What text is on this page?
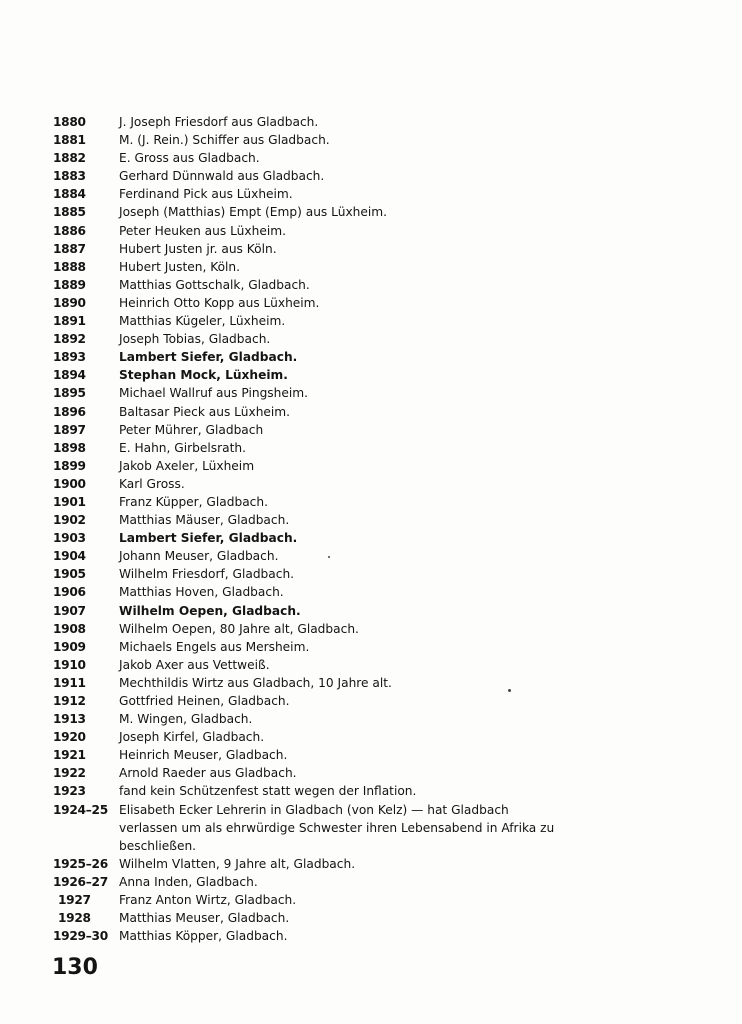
1880	J. Joseph Friesdorf aus Gladbach.
1881	M. (J. Rein.) Schiffer aus Gladbach.
1882	E. Gross aus Gladbach.
1883	Gerhard Dünnwald aus Gladbach.
1884	Ferdinand Pick aus Lüxheim.
1885	Joseph (Matthias) Empt (Emp) aus Lüxheim.
1886	Peter Heuken aus Lüxheim.
1887	Hubert Justen jr. aus Köln.
1888	Hubert Justen, Köln.
1889	Matthias Gottschalk, Gladbach.
1890	Heinrich Otto Kopp aus Lüxheim.
1891	Matthias Kügeler, Lüxheim.
1892	Joseph Tobias, Gladbach.
1893	Lambert Siefer, Gladbach.
1894	Stephan Mock, Lüxheim.
1895	Michael Wallruf aus Pingsheim.
1896	Baltasar Pieck aus Lüxheim.
1897	Peter Mührer, Gladbach
1898	E. Hahn, Girbelsrath.
1899	Jakob Axeler, Lüxheim
1900	Karl Gross.
1901	Franz Küpper, Gladbach.
1902	Matthias Mäuser, Gladbach.
1903	Lambert Siefer, Gladbach.
1904	Johann Meuser, Gladbach.
1905	Wilhelm Friesdorf, Gladbach.
1906	Matthias Hoven, Gladbach.
1907	Wilhelm Oepen, Gladbach.
1908	Wilhelm Oepen, 80 Jahre alt, Gladbach.
1909	Michaels Engels aus Mersheim.
1910	Jakob Axer aus Vettweiß.
1911	Mechthildis Wirtz aus Gladbach, 10 Jahre alt.
1912	Gottfried Heinen, Gladbach.
1913	M. Wingen, Gladbach.
1920	Joseph Kirfel, Gladbach.
1921	Heinrich Meuser, Gladbach.
1922	Arnold Raeder aus Gladbach.
1923	fand kein Schützenfest statt wegen der Inflation.
1924–25 Elisabeth Ecker Lehrerin in Gladbach (von Kelz) — hat Gladbach verlassen um als ehrwürdige Schwester ihren Lebensabend in Afrika zu beschließen.
1925–26 Wilhelm Vlatten, 9 Jahre alt, Gladbach.
1926–27 Anna Inden, Gladbach.
1927	Franz Anton Wirtz, Gladbach.
1928	Matthias Meuser, Gladbach.
1929–30 Matthias Köpper, Gladbach.
130
